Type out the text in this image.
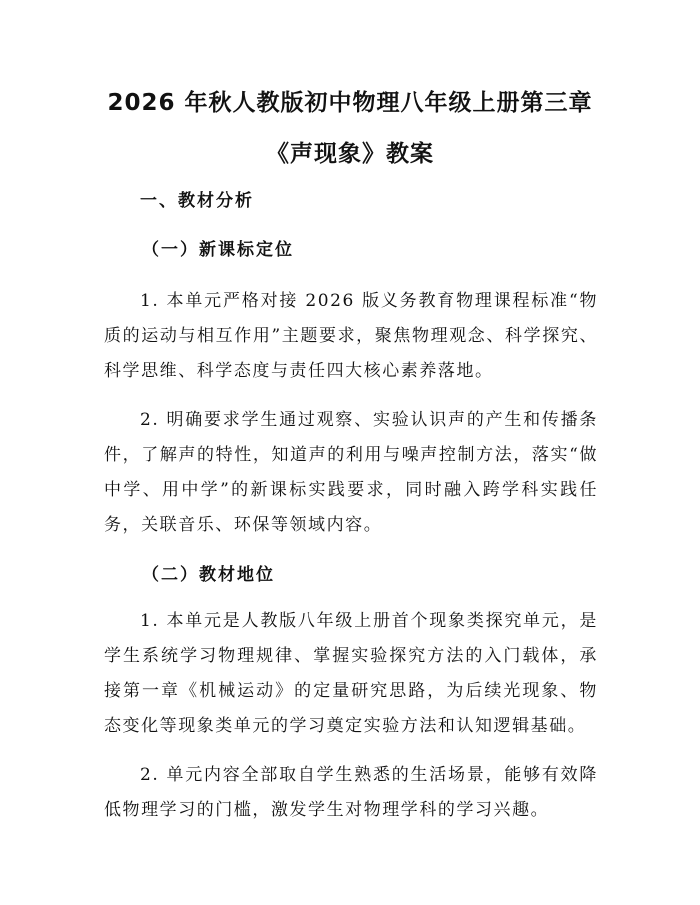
2026 年秋人教版初中物理八年级上册第三章
《声现象》教案
一、教材分析
（一）新课标定位

1. 本单元严格对接 2026 版义务教育物理课程标准“物质的运动与相互作用”主题要求，聚焦物理观念、科学探究、科学思维、科学态度与责任四大核心素养落地。

2. 明确要求学生通过观察、实验认识声的产生和传播条件，了解声的特性，知道声的利用与噪声控制方法，落实“做中学、用中学”的新课标实践要求，同时融入跨学科实践任务，关联音乐、环保等领域内容。

（二）教材地位

1. 本单元是人教版八年级上册首个现象类探究单元，是学生系统学习物理规律、掌握实验探究方法的入门载体，承接第一章《机械运动》的定量研究思路，为后续光现象、物态变化等现象类单元的学习奠定实验方法和认知逻辑基础。

2. 单元内容全部取自学生熟悉的生活场景，能够有效降低物理学习的门槛，激发学生对物理学科的学习兴趣。
